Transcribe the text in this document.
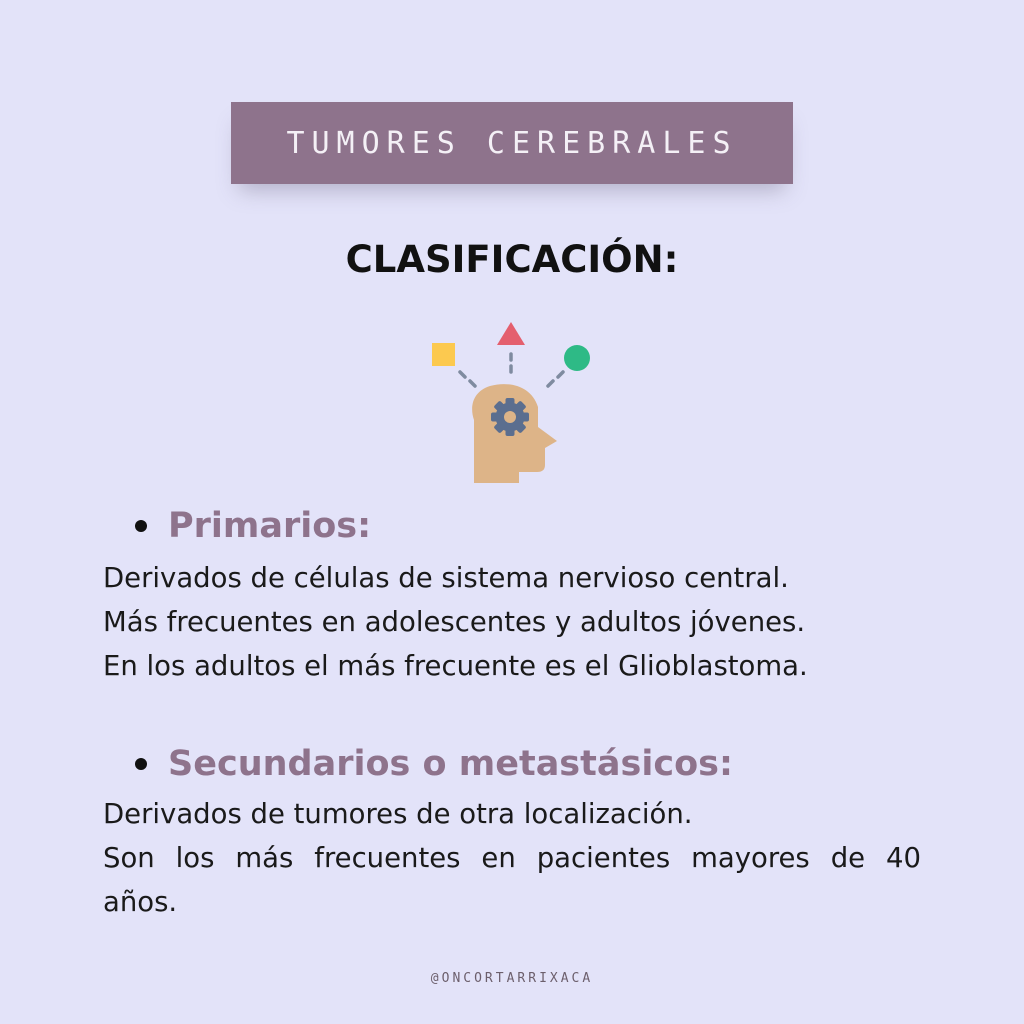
TUMORES CEREBRALES
CLASIFICACIÓN:
Primarios:
Derivados de células de sistema nervioso central.
Más frecuentes en adolescentes y adultos jóvenes.
En los adultos el más frecuente es el Glioblastoma.
Secundarios o metastásicos:
Derivados de tumores de otra localización.
Son los más frecuentes en pacientes mayores de 40
años.
@ONCORTARRIXACA
